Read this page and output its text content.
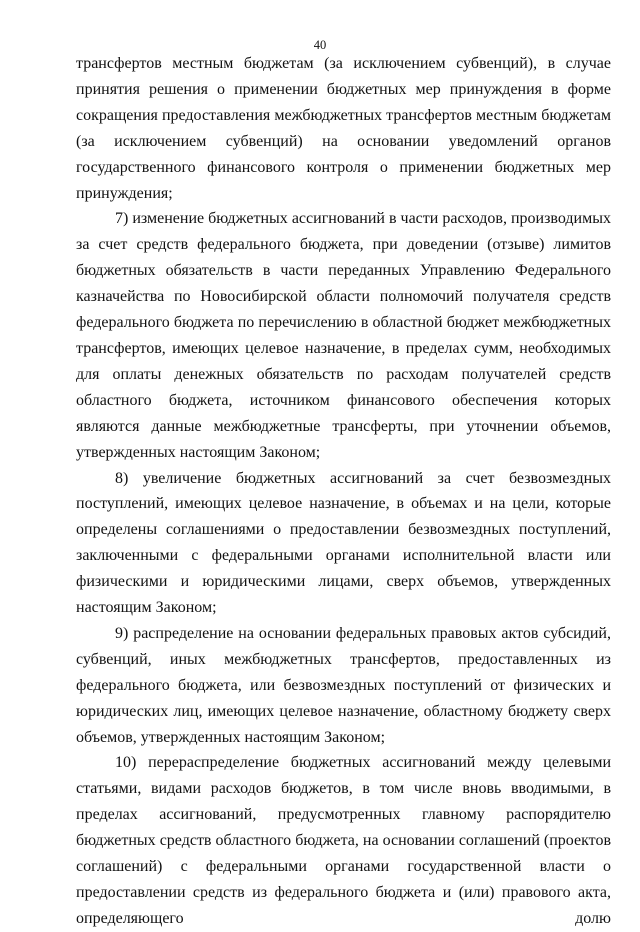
40

трансфертов местным бюджетам (за исключением субвенций), в случае принятия решения о применении бюджетных мер принуждения в форме сокращения предоставления межбюджетных трансфертов местным бюджетам (за исключением субвенций) на основании уведомлений органов государственного финансового контроля о применении бюджетных мер принуждения;

7) изменение бюджетных ассигнований в части расходов, производимых за счет средств федерального бюджета, при доведении (отзыве) лимитов бюджетных обязательств в части переданных Управлению Федерального казначейства по Новосибирской области полномочий получателя средств федерального бюджета по перечислению в областной бюджет межбюджетных трансфертов, имеющих целевое назначение, в пределах сумм, необходимых для оплаты денежных обязательств по расходам получателей средств областного бюджета, источником финансового обеспечения которых являются данные межбюджетные трансферты, при уточнении объемов, утвержденных настоящим Законом;

8) увеличение бюджетных ассигнований за счет безвозмездных поступлений, имеющих целевое назначение, в объемах и на цели, которые определены соглашениями о предоставлении безвозмездных поступлений, заключенными с федеральными органами исполнительной власти или физическими и юридическими лицами, сверх объемов, утвержденных настоящим Законом;

9) распределение на основании федеральных правовых актов субсидий, субвенций, иных межбюджетных трансфертов, предоставленных из федерального бюджета, или безвозмездных поступлений от физических и юридических лиц, имеющих целевое назначение, областному бюджету сверх объемов, утвержденных настоящим Законом;

10) перераспределение бюджетных ассигнований между целевыми статьями, видами расходов бюджетов, в том числе вновь вводимыми, в пределах ассигнований, предусмотренных главному распорядителю бюджетных средств областного бюджета, на основании соглашений (проектов соглашений) с федеральными органами государственной власти о предоставлении средств из федерального бюджета и (или) правового акта, определяющего долю
